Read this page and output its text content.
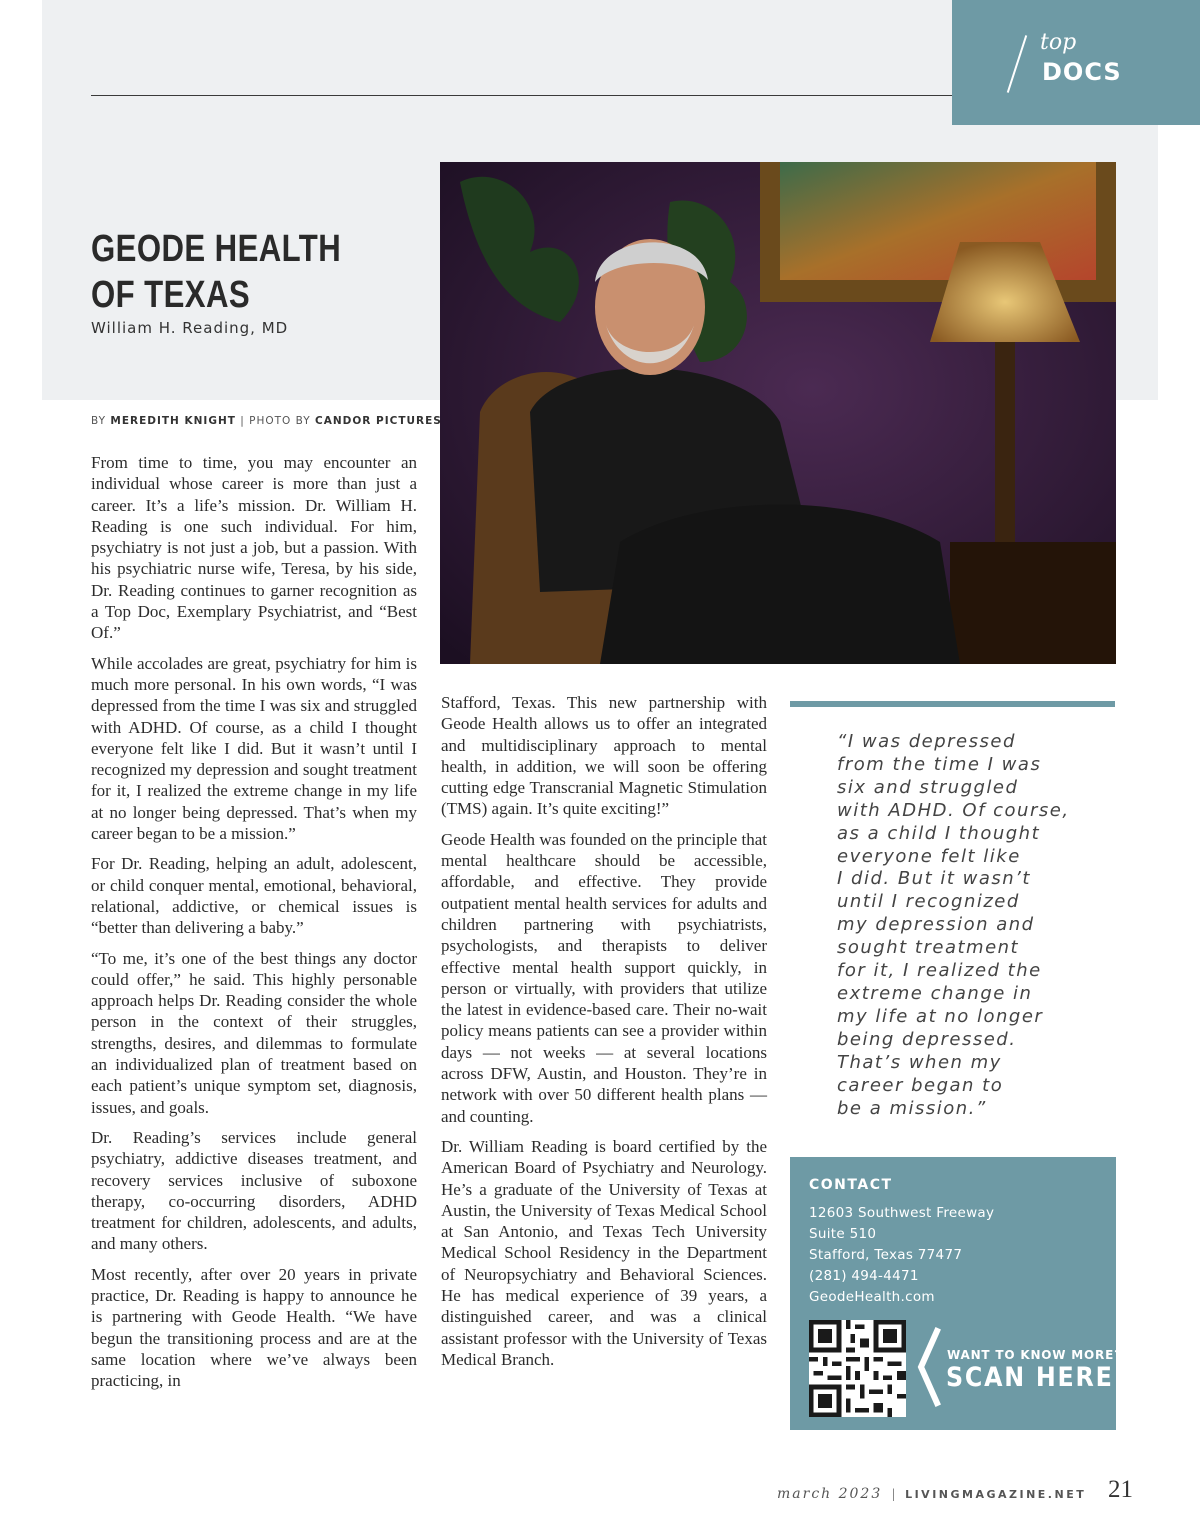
top
DOCS
GEODE HEALTH
OF TEXAS
William H. Reading, MD
BY MEREDITH KNIGHT | PHOTO BY CANDOR PICTURES

From time to time, you may encounter an individual whose career is more than just a career. It’s a life’s mission. Dr. William H. Reading is one such individual. For him, psychiatry is not just a job, but a passion. With his psychiatric nurse wife, Teresa, by his side, Dr. Reading continues to garner recognition as a Top Doc, Exemplary Psychiatrist, and “Best Of.”

While accolades are great, psychiatry for him is much more personal. In his own words, “I was depressed from the time I was six and struggled with ADHD. Of course, as a child I thought everyone felt like I did. But it wasn’t until I recognized my depression and sought treatment for it, I realized the extreme change in my life at no longer being depressed. That’s when my career began to be a mission.”

For Dr. Reading, helping an adult, adolescent, or child conquer mental, emotional, behavioral, relational, addictive, or chemical issues is “better than delivering a baby.”

“To me, it’s one of the best things any doctor could offer,” he said. This highly personable approach helps Dr. Reading consider the whole person in the context of their struggles, strengths, desires, and dilemmas to formulate an individualized plan of treatment based on each patient’s unique symptom set, diagnosis, issues, and goals.

Dr. Reading’s services include general psychiatry, addictive diseases treatment, and recovery services inclusive of suboxone therapy, co-occurring disorders, ADHD treatment for children, adolescents, and adults, and many others.

Most recently, after over 20 years in private practice, Dr. Reading is happy to announce he is partnering with Geode Health. “We have begun the transitioning process and are at the same location where we’ve always been practicing, in

Stafford, Texas. This new partnership with Geode Health allows us to offer an integrated and multidisciplinary approach to mental health, in addition, we will soon be offering cutting edge Transcranial Magnetic Stimulation (TMS) again. It’s quite exciting!”

Geode Health was founded on the principle that mental healthcare should be accessible, affordable, and effective. They provide outpatient mental health services for adults and children partnering with psychiatrists, psychologists, and therapists to deliver effective mental health support quickly, in person or virtually, with providers that utilize the latest in evidence-based care. Their no-wait policy means patients can see a provider within days — not weeks — at several locations across DFW, Austin, and Houston. They’re in network with over 50 different health plans — and counting.

Dr. William Reading is board certified by the American Board of Psychiatry and Neurology. He’s a graduate of the University of Texas at Austin, the University of Texas Medical School at San Antonio, and Texas Tech University Medical School Residency in the Department of Neuropsychiatry and Behavioral Sciences. He has medical experience of 39 years, a distinguished career, and was a clinical assistant professor with the University of Texas Medical Branch.

“I was depressed
from the time I was
six and struggled
with ADHD. Of course,
as a child I thought
everyone felt like
I did. But it wasn’t
until I recognized
my depression and
sought treatment
for it, I realized the
extreme change in
my life at no longer
being depressed.
That’s when my
career began to
be a mission.”
CONTACT
12603 Southwest Freeway
Suite 510
Stafford, Texas 77477
(281) 494-4471
GeodeHealth.com
WANT TO KNOW MORE?
SCAN HERE!
march 2023 | LIVINGMAGAZINE.NET 21
